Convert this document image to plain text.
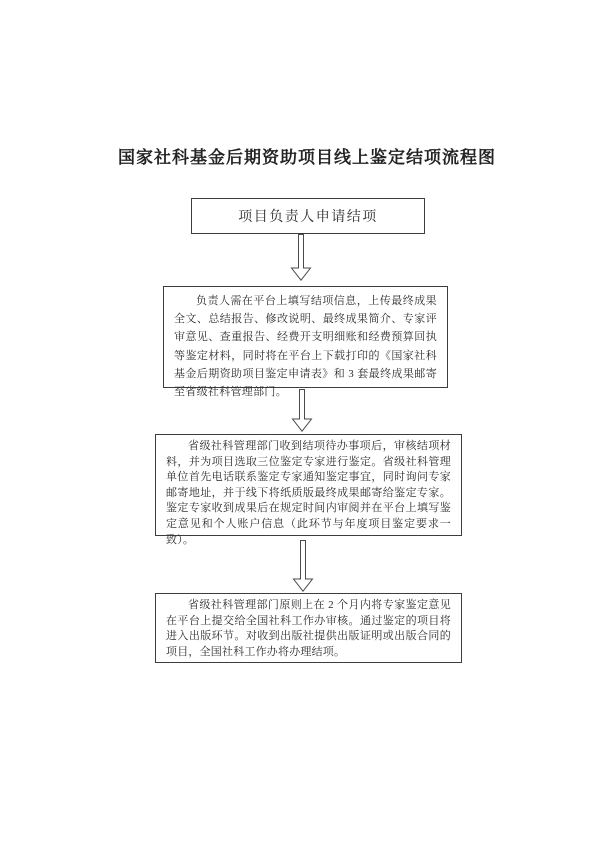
国家社科基金后期资助项目线上鉴定结项流程图
项目负责人申请结项

负责人需在平台上填写结项信息，上传最终成果全文、总结报告、修改说明、最终成果简介、专家评审意见、查重报告、经费开支明细账和经费预算回执等鉴定材料，同时将在平台上下载打印的《国家社科基金后期资助项目鉴定申请表》和 3 套最终成果邮寄至省级社科管理部门。

省级社科管理部门收到结项待办事项后，审核结项材料，并为项目选取三位鉴定专家进行鉴定。省级社科管理单位首先电话联系鉴定专家通知鉴定事宜，同时询问专家邮寄地址，并于线下将纸质版最终成果邮寄给鉴定专家。鉴定专家收到成果后在规定时间内审阅并在平台上填写鉴定意见和个人账户信息（此环节与年度项目鉴定要求一致）。

省级社科管理部门原则上在 2 个月内将专家鉴定意见在平台上提交给全国社科工作办审核。通过鉴定的项目将进入出版环节。对收到出版社提供出版证明或出版合同的项目，全国社科工作办将办理结项。
